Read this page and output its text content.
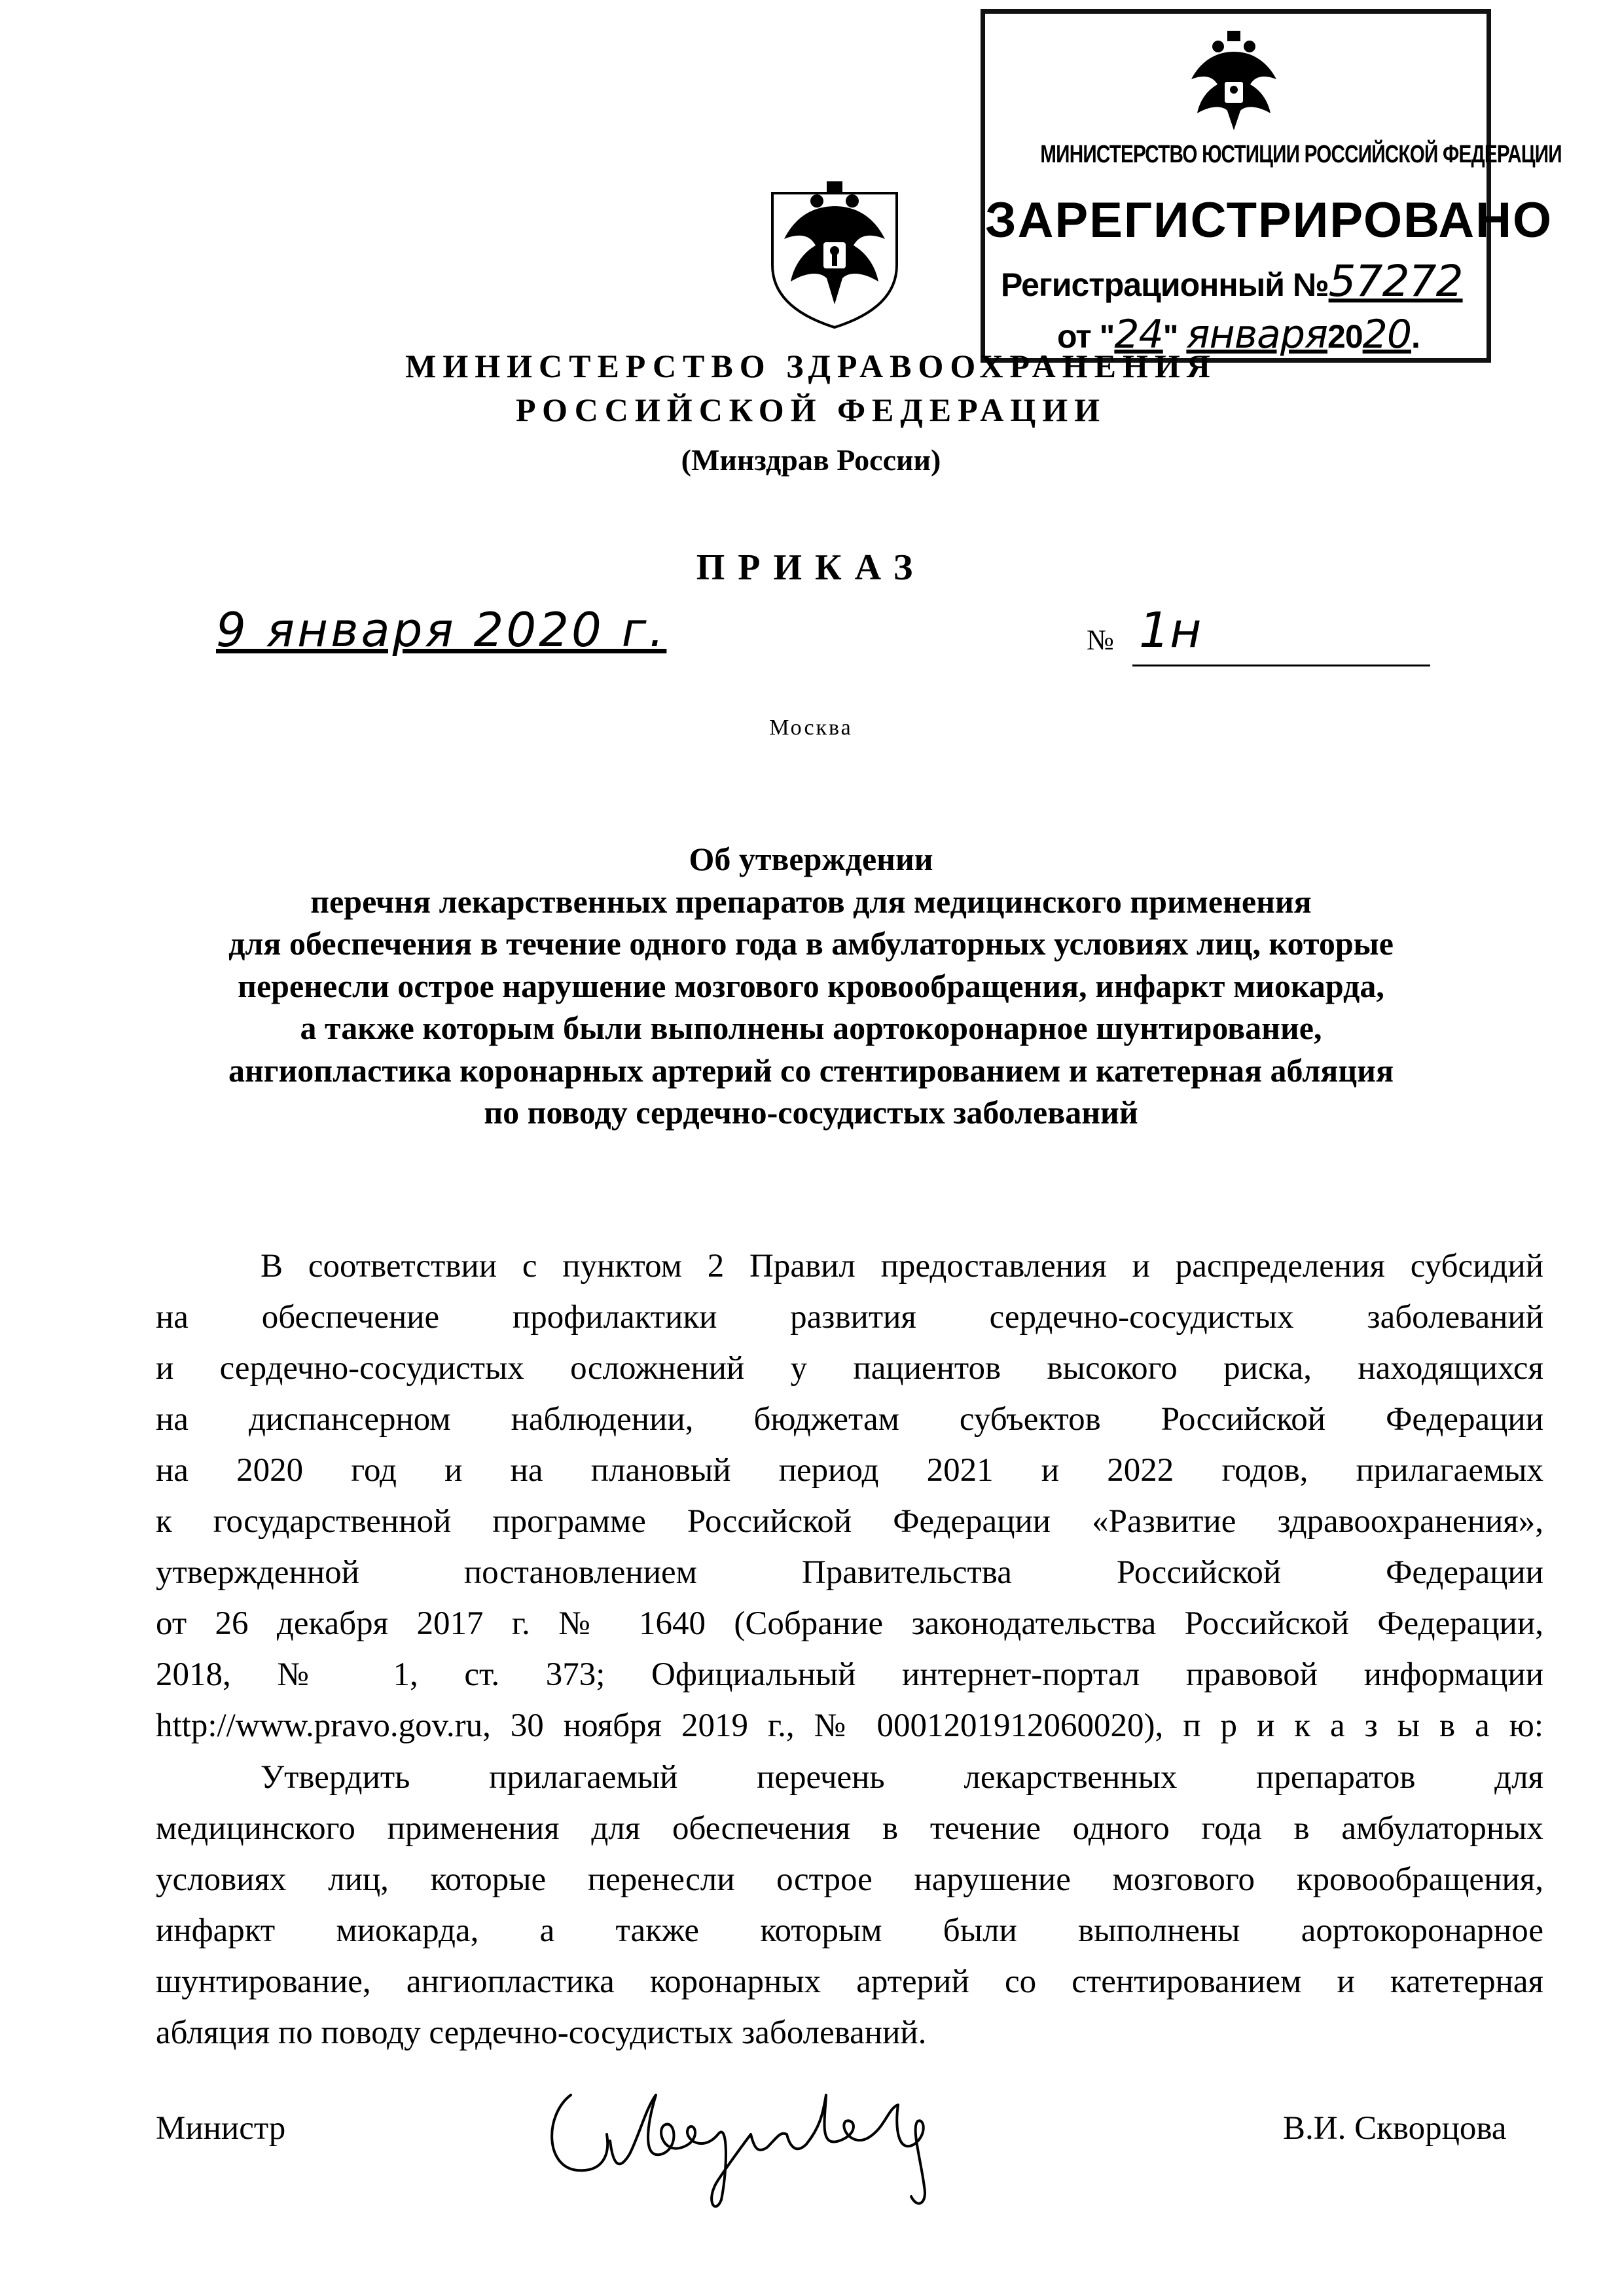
МИНИСТЕРСТВО ЮСТИЦИИ РОССИЙСКОЙ ФЕДЕРАЦИИ
ЗАРЕГИСТРИРОВАНО
Регистрационный №57272
от "24" января2020.
МИНИСТЕРСТВО ЗДРАВООХРАНЕНИЯ
РОССИЙСКОЙ ФЕДЕРАЦИИ
(Минздрав России)
ПРИКАЗ
9 января 2020 г.	№ 1н
Москва
Об утверждении
перечня лекарственных препаратов для медицинского применения
для обеспечения в течение одного года в амбулаторных условиях лиц, которые
перенесли острое нарушение мозгового кровообращения, инфаркт миокарда,
а также которым были выполнены аортокоронарное шунтирование,
ангиопластика коронарных артерий со стентированием и катетерная абляция
по поводу сердечно-сосудистых заболеваний
В соответствии с пунктом 2 Правил предоставления и распределения субсидий
на обеспечение профилактики развития сердечно-сосудистых заболеваний
и сердечно-сосудистых осложнений у пациентов высокого риска, находящихся
на диспансерном наблюдении, бюджетам субъектов Российской Федерации
на 2020 год и на плановый период 2021 и 2022 годов, прилагаемых
к государственной программе Российской Федерации «Развитие здравоохранения»,
утвержденной постановлением Правительства Российской Федерации
от 26 декабря 2017 г. № 1640 (Собрание законодательства Российской Федерации,
2018, № 1, ст. 373; Официальный интернет-портал правовой информации
http://www.pravo.gov.ru, 30 ноября 2019 г., № 0001201912060020), п р и к а з ы в а ю:
Утвердить прилагаемый перечень лекарственных препаратов для
медицинского применения для обеспечения в течение одного года в амбулаторных
условиях лиц, которые перенесли острое нарушение мозгового кровообращения,
инфаркт миокарда, а также которым были выполнены аортокоронарное
шунтирование, ангиопластика коронарных артерий со стентированием и катетерная
абляция по поводу сердечно-сосудистых заболеваний.
Министр	В.И. Скворцова
